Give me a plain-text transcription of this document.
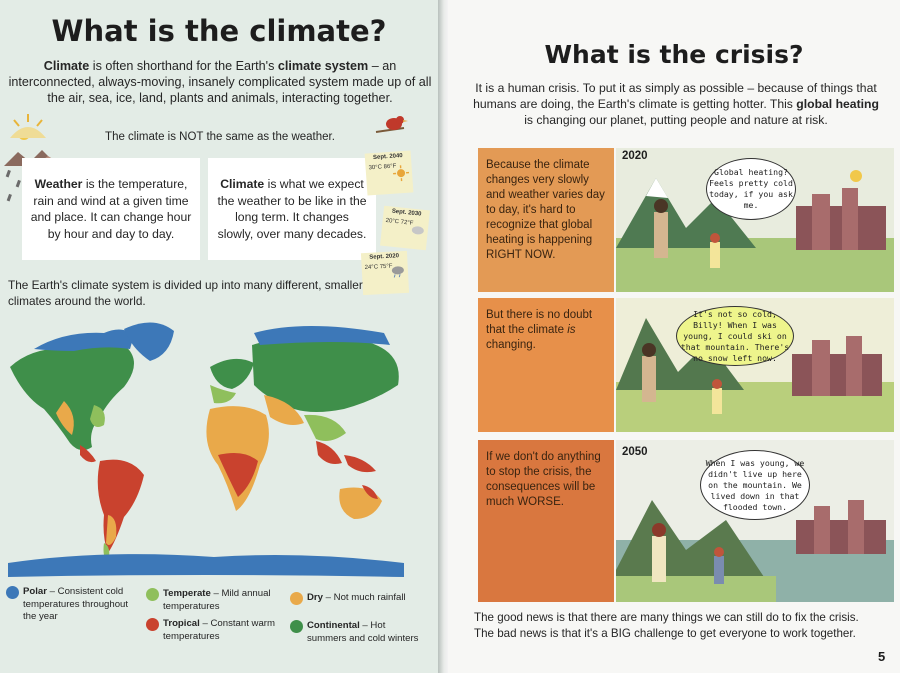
What is the climate?

Climate is often shorthand for the Earth's climate system – an interconnected, always-moving, insanely complicated system made up of all the air, sea, ice, land, plants and animals, interacting together.

The climate is NOT the same as the weather.

Weather is the temperature, rain and wind at a given time and place. It can change hour by hour and day to day.

Climate is what we expect the weather to be like in the long term. It changes slowly, over many decades.

Sept. 2040
30°C 86°F
Sept. 2030
20°C 72°F
Sept. 2020
24°C 75°F

The Earth's climate system is divided up into many different, smaller climates around the world.

Polar – Consistent cold temperatures throughout the year
Temperate – Mild annual temperatures
Dry – Not much rainfall
Tropical – Constant warm temperatures
Continental – Hot summers and cold winters
What is the crisis?

It is a human crisis. To put it as simply as possible – because of things that humans are doing, the Earth's climate is getting hotter. This global heating is changing our planet, putting people and nature at risk.

Because the climate changes very slowly and weather varies day to day, it's hard to recognize that global heating is happening RIGHT NOW.

2020
Global heating? Feels pretty cold today, if you ask me.

But there is no doubt that the climate is changing.

It's not so cold, Billy! When I was young, I could ski on that mountain. There's no snow left now.

If we don't do anything to stop the crisis, the consequences will be much WORSE.

2050
When I was young, we didn't live up here on the mountain. We lived down in that flooded town.

The good news is that there are many things we can still do to fix the crisis.

The bad news is that it's a BIG challenge to get everyone to work together.

5
